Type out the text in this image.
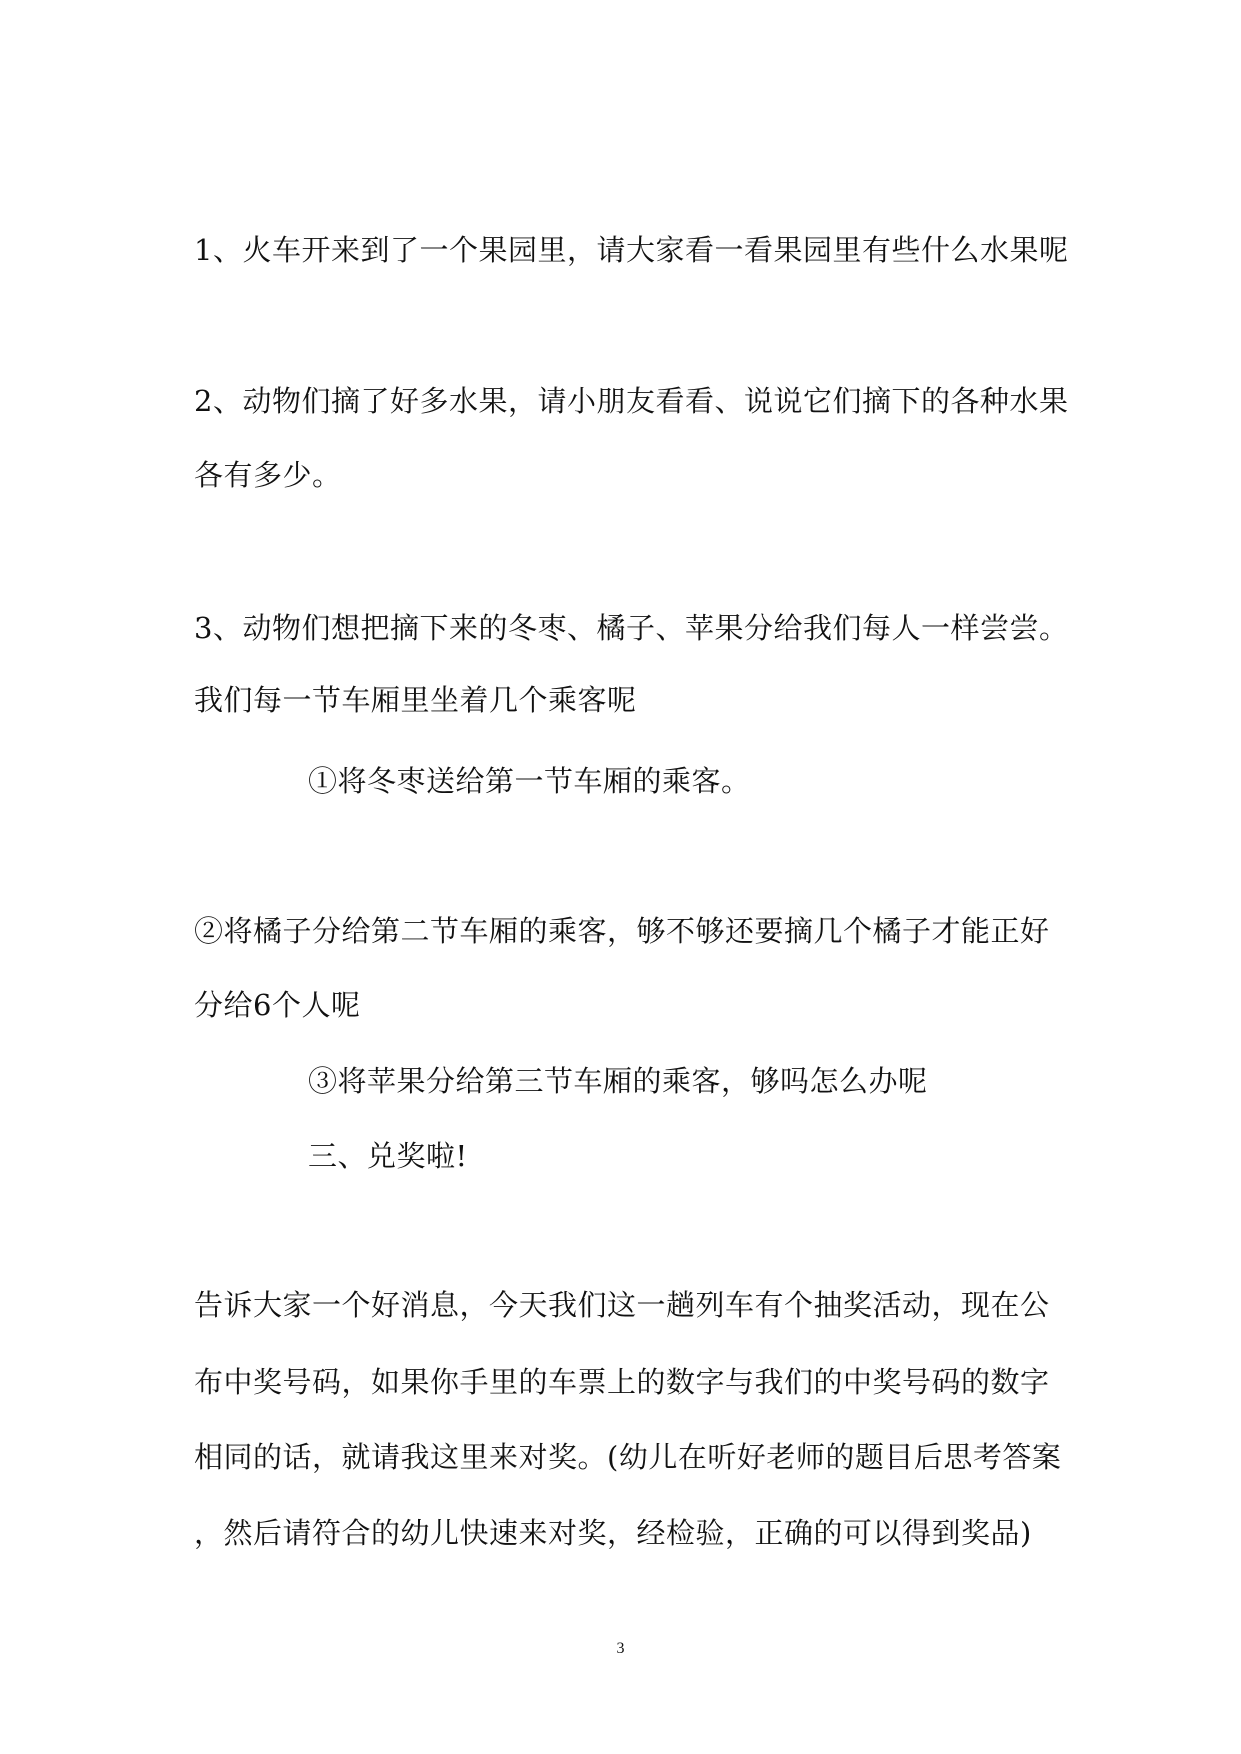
1、火车开来到了一个果园里，请大家看一看果园里有些什么水果呢
2、动物们摘了好多水果，请小朋友看看、说说它们摘下的各种水果
各有多少。
3、动物们想把摘下来的冬枣、橘子、苹果分给我们每人一样尝尝。
我们每一节车厢里坐着几个乘客呢
①将冬枣送给第一节车厢的乘客。
②将橘子分给第二节车厢的乘客，够不够还要摘几个橘子才能正好
分给6个人呢
③将苹果分给第三节车厢的乘客，够吗怎么办呢
三、兑奖啦!
告诉大家一个好消息，今天我们这一趟列车有个抽奖活动，现在公
布中奖号码，如果你手里的车票上的数字与我们的中奖号码的数字
相同的话，就请我这里来对奖。(幼儿在听好老师的题目后思考答案
，然后请符合的幼儿快速来对奖，经检验，正确的可以得到奖品)
3
